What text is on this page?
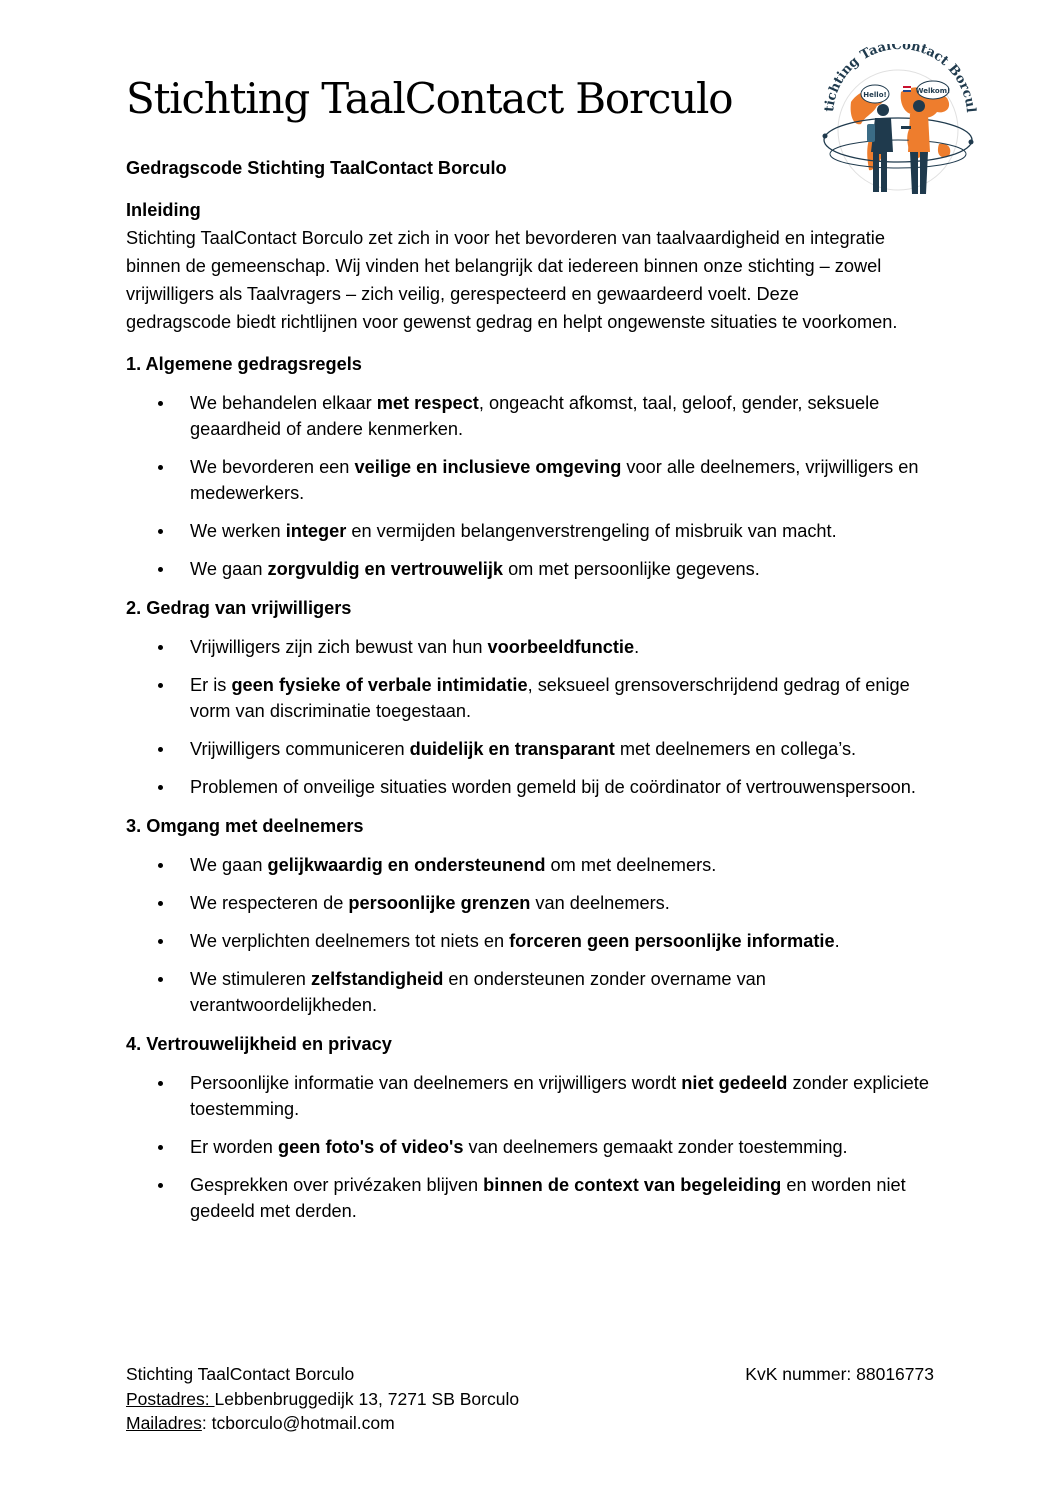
Stichting TaalContact Borculo	Hello!	Welkom!
tichting TaalContact Borcul

Gedragscode Stichting TaalContact Borculo

Inleiding

Stichting TaalContact Borculo zet zich in voor het bevorderen van taalvaardigheid en integratie binnen de gemeenschap. Wij vinden het belangrijk dat iedereen binnen onze stichting – zowel vrijwilligers als Taalvragers – zich veilig, gerespecteerd en gewaardeerd voelt. Deze gedragscode biedt richtlijnen voor gewenst gedrag en helpt ongewenste situaties te voorkomen.

1. Algemene gedragsregels

We behandelen elkaar met respect, ongeacht afkomst, taal, geloof, gender, seksuele geaardheid of andere kenmerken.
We bevorderen een veilige en inclusieve omgeving voor alle deelnemers, vrijwilligers en medewerkers.
We werken integer en vermijden belangenverstrengeling of misbruik van macht.
We gaan zorgvuldig en vertrouwelijk om met persoonlijke gegevens.

2. Gedrag van vrijwilligers

Vrijwilligers zijn zich bewust van hun voorbeeldfunctie.
Er is geen fysieke of verbale intimidatie, seksueel grensoverschrijdend gedrag of enige vorm van discriminatie toegestaan.
Vrijwilligers communiceren duidelijk en transparant met deelnemers en collega’s.
Problemen of onveilige situaties worden gemeld bij de coördinator of vertrouwenspersoon.

3. Omgang met deelnemers

We gaan gelijkwaardig en ondersteunend om met deelnemers.
We respecteren de persoonlijke grenzen van deelnemers.
We verplichten deelnemers tot niets en forceren geen persoonlijke informatie.
We stimuleren zelfstandigheid en ondersteunen zonder overname van verantwoordelijkheden.

4. Vertrouwelijkheid en privacy

Persoonlijke informatie van deelnemers en vrijwilligers wordt niet gedeeld zonder expliciete toestemming.
Er worden geen foto's of video's van deelnemers gemaakt zonder toestemming.
Gesprekken over privézaken blijven binnen de context van begeleiding en worden niet gedeeld met derden.
Stichting TaalContact Borculo	KvK nummer: 88016773
Postadres: Lebbenbruggedijk 13, 7271 SB Borculo
Mailadres: tcborculo@hotmail.com
